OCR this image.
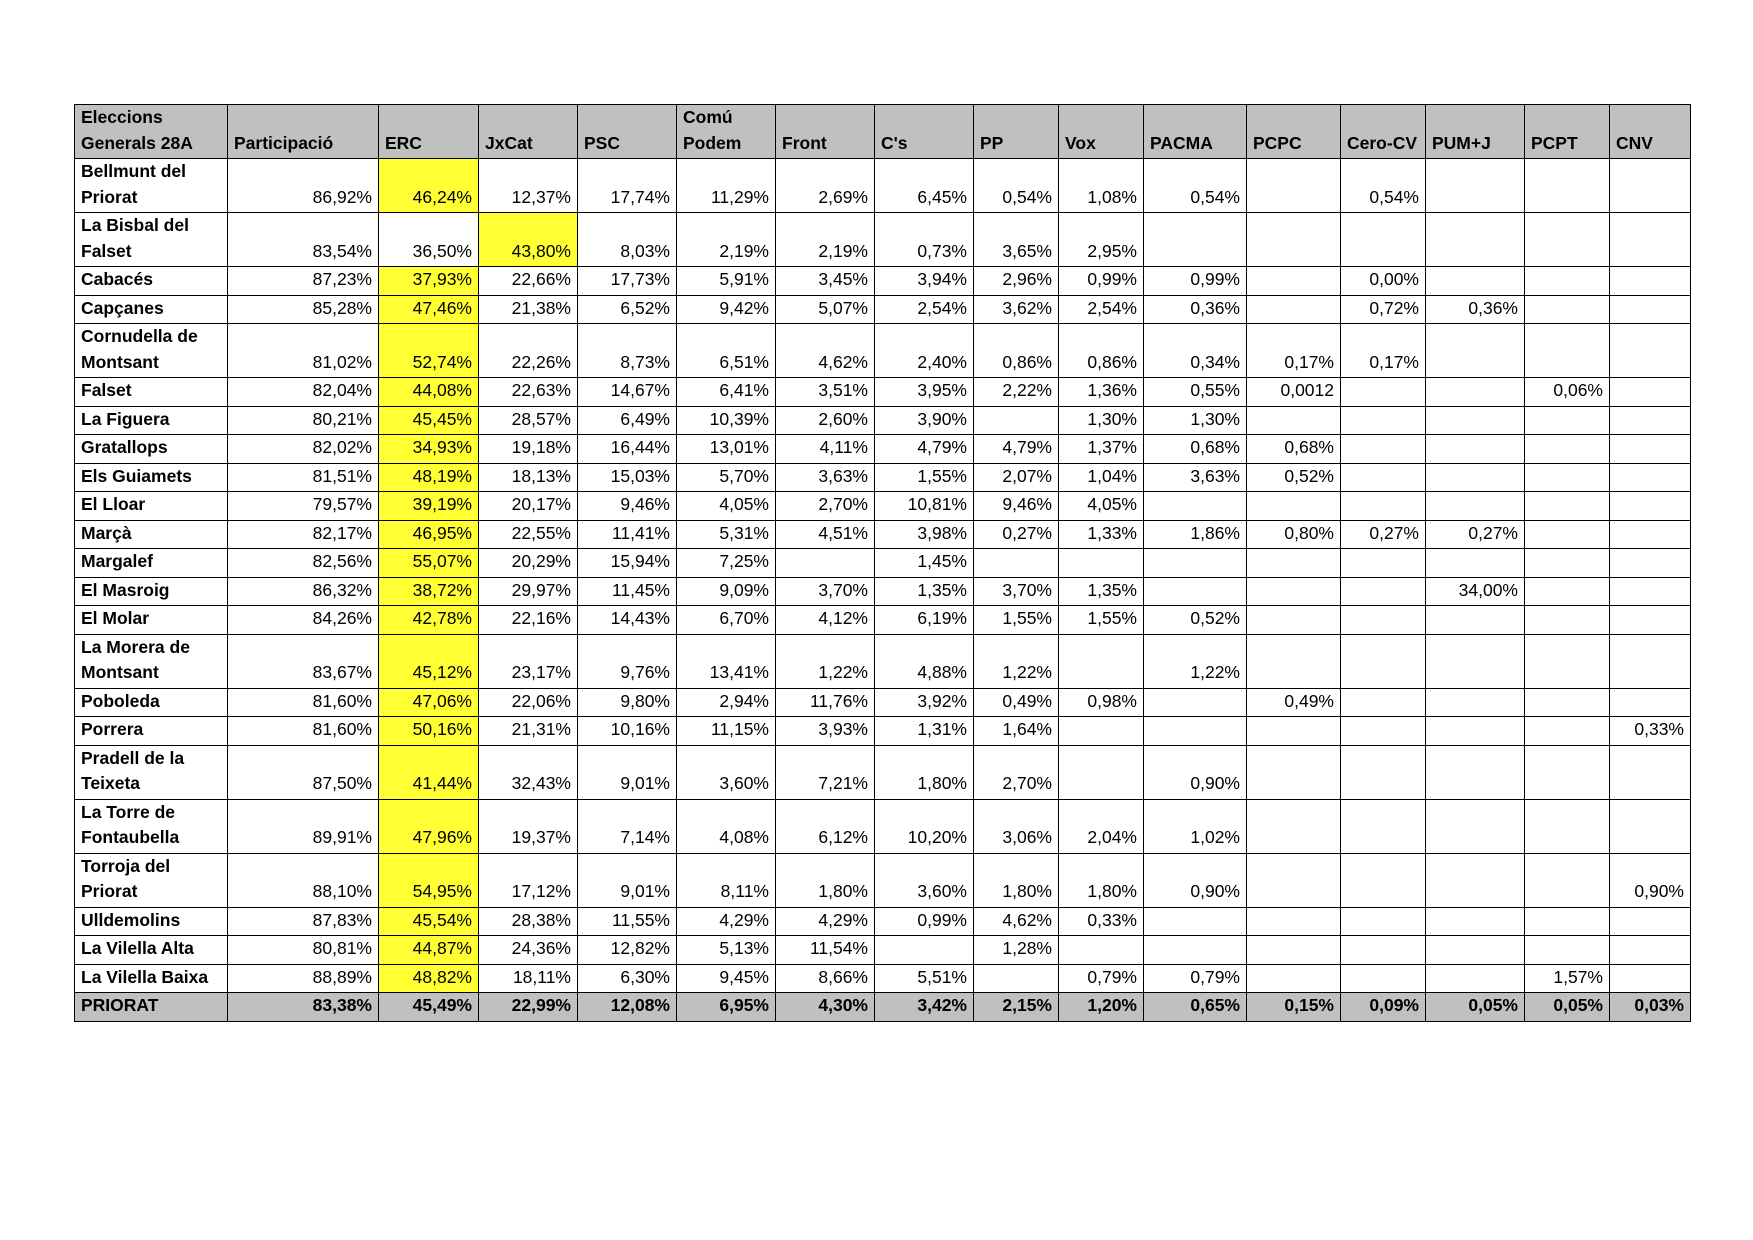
Eleccions Generals 28A	Participació	ERC	JxCat	PSC	Comú Podem	Front	C's	PP	Vox	PACMA	PCPC	Cero-CV	PUM+J	PCPT	CNV
Bellmunt del Priorat	86,92%	46,24%	12,37%	17,74%	11,29%	2,69%	6,45%	0,54%	1,08%	0,54%		0,54%			
La Bisbal del Falset	83,54%	36,50%	43,80%	8,03%	2,19%	2,19%	0,73%	3,65%	2,95%						
Cabacés	87,23%	37,93%	22,66%	17,73%	5,91%	3,45%	3,94%	2,96%	0,99%	0,99%		0,00%			
Capçanes	85,28%	47,46%	21,38%	6,52%	9,42%	5,07%	2,54%	3,62%	2,54%	0,36%		0,72%	0,36%		
Cornudella de Montsant	81,02%	52,74%	22,26%	8,73%	6,51%	4,62%	2,40%	0,86%	0,86%	0,34%	0,17%	0,17%			
Falset	82,04%	44,08%	22,63%	14,67%	6,41%	3,51%	3,95%	2,22%	1,36%	0,55%	0,0012			0,06%	
La Figuera	80,21%	45,45%	28,57%	6,49%	10,39%	2,60%	3,90%		1,30%	1,30%					
Gratallops	82,02%	34,93%	19,18%	16,44%	13,01%	4,11%	4,79%	4,79%	1,37%	0,68%	0,68%				
Els Guiamets	81,51%	48,19%	18,13%	15,03%	5,70%	3,63%	1,55%	2,07%	1,04%	3,63%	0,52%				
El Lloar	79,57%	39,19%	20,17%	9,46%	4,05%	2,70%	10,81%	9,46%	4,05%						
Marçà	82,17%	46,95%	22,55%	11,41%	5,31%	4,51%	3,98%	0,27%	1,33%	1,86%	0,80%	0,27%	0,27%		
Margalef	82,56%	55,07%	20,29%	15,94%	7,25%		1,45%								
El Masroig	86,32%	38,72%	29,97%	11,45%	9,09%	3,70%	1,35%	3,70%	1,35%				34,00%		
El Molar	84,26%	42,78%	22,16%	14,43%	6,70%	4,12%	6,19%	1,55%	1,55%	0,52%					
La Morera de Montsant	83,67%	45,12%	23,17%	9,76%	13,41%	1,22%	4,88%	1,22%		1,22%					
Poboleda	81,60%	47,06%	22,06%	9,80%	2,94%	11,76%	3,92%	0,49%	0,98%		0,49%				
Porrera	81,60%	50,16%	21,31%	10,16%	11,15%	3,93%	1,31%	1,64%							0,33%
Pradell de la Teixeta	87,50%	41,44%	32,43%	9,01%	3,60%	7,21%	1,80%	2,70%		0,90%					
La Torre de Fontaubella	89,91%	47,96%	19,37%	7,14%	4,08%	6,12%	10,20%	3,06%	2,04%	1,02%					
Torroja del Priorat	88,10%	54,95%	17,12%	9,01%	8,11%	1,80%	3,60%	1,80%	1,80%	0,90%					0,90%
Ulldemolins	87,83%	45,54%	28,38%	11,55%	4,29%	4,29%	0,99%	4,62%	0,33%						
La Vilella Alta	80,81%	44,87%	24,36%	12,82%	5,13%	11,54%		1,28%							
La Vilella Baixa	88,89%	48,82%	18,11%	6,30%	9,45%	8,66%	5,51%		0,79%	0,79%				1,57%	
PRIORAT	83,38%	45,49%	22,99%	12,08%	6,95%	4,30%	3,42%	2,15%	1,20%	0,65%	0,15%	0,09%	0,05%	0,05%	0,03%
